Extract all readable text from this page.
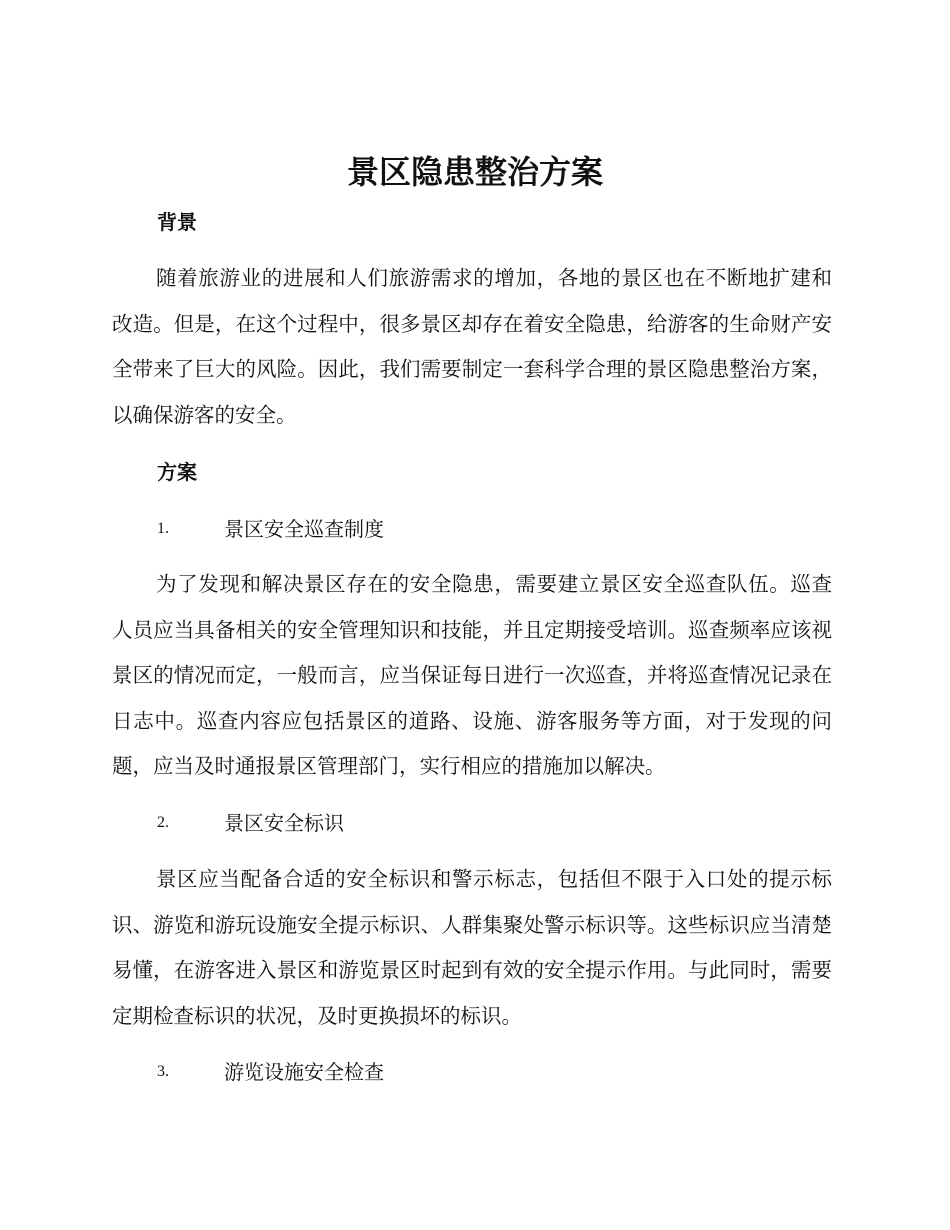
景区隐患整治方案
背景

随着旅游业的进展和人们旅游需求的增加，各地的景区也在不断地扩建和改造。但是，在这个过程中，很多景区却存在着安全隐患，给游客的生命财产安全带来了巨大的风险。因此，我们需要制定一套科学合理的景区隐患整治方案，以确保游客的安全。

方案
1.	景区安全巡查制度

为了发现和解决景区存在的安全隐患，需要建立景区安全巡查队伍。巡查人员应当具备相关的安全管理知识和技能，并且定期接受培训。巡查频率应该视景区的情况而定，一般而言，应当保证每日进行一次巡查，并将巡查情况记录在日志中。巡查内容应包括景区的道路、设施、游客服务等方面，对于发现的问题，应当及时通报景区管理部门，实行相应的措施加以解决。

2.	景区安全标识

景区应当配备合适的安全标识和警示标志，包括但不限于入口处的提示标识、游览和游玩设施安全提示标识、人群集聚处警示标识等。这些标识应当清楚易懂，在游客进入景区和游览景区时起到有效的安全提示作用。与此同时，需要定期检查标识的状况，及时更换损坏的标识。

3.	游览设施安全检查
